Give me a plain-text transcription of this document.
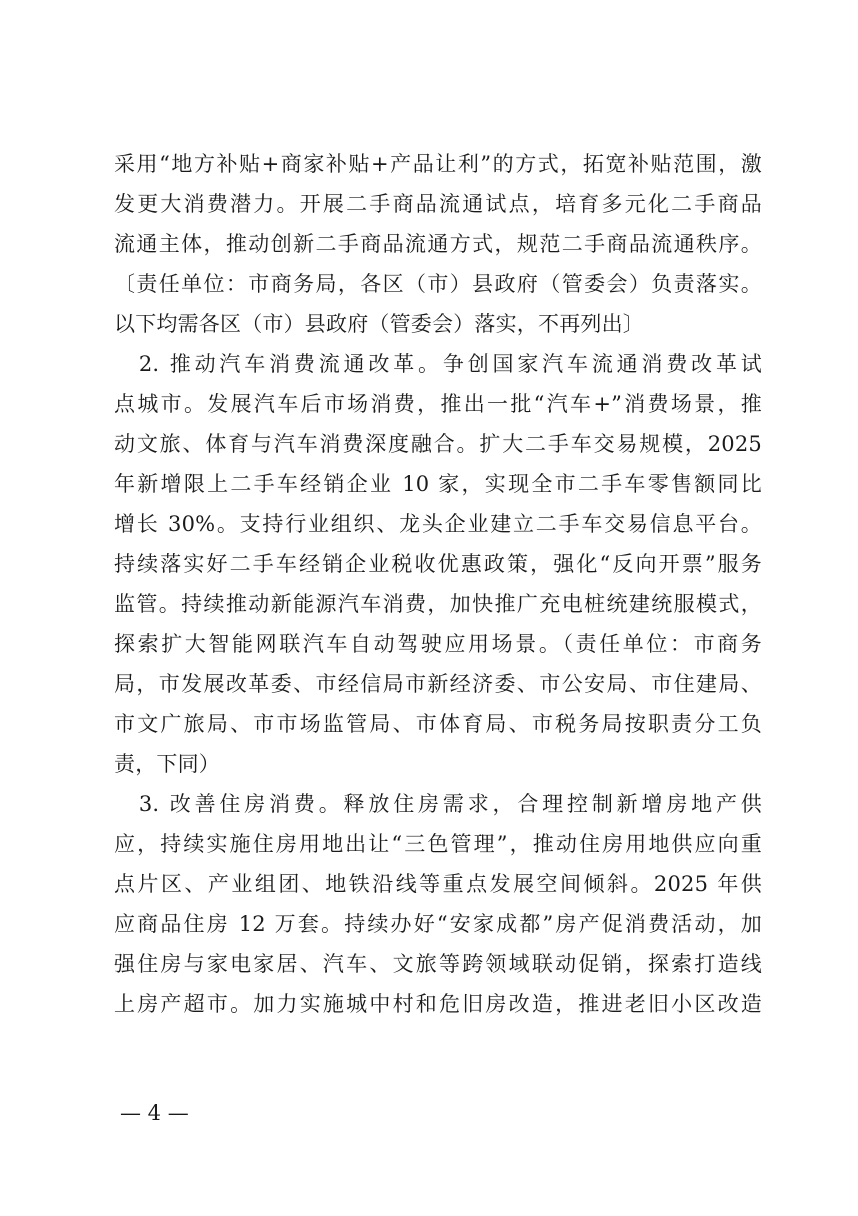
采用“地方补贴+商家补贴+产品让利”的方式，拓宽补贴范围，激
发更大消费潜力。开展二手商品流通试点，培育多元化二手商品
流通主体，推动创新二手商品流通方式，规范二手商品流通秩序。
〔责任单位：市商务局，各区（市）县政府（管委会）负责落实。
以下均需各区（市）县政府（管委会）落实，不再列出〕
　2. 推动汽车消费流通改革。争创国家汽车流通消费改革试
点城市。发展汽车后市场消费，推出一批“汽车+”消费场景，推
动文旅、体育与汽车消费深度融合。扩大二手车交易规模，2025
年新增限上二手车经销企业 10 家，实现全市二手车零售额同比
增长 30%。支持行业组织、龙头企业建立二手车交易信息平台。
持续落实好二手车经销企业税收优惠政策，强化“反向开票”服务
监管。持续推动新能源汽车消费，加快推广充电桩统建统服模式，
探索扩大智能网联汽车自动驾驶应用场景。（责任单位：市商务
局，市发展改革委、市经信局市新经济委、市公安局、市住建局、
市文广旅局、市市场监管局、市体育局、市税务局按职责分工负
责，下同）
　3. 改善住房消费。释放住房需求，合理控制新增房地产供
应，持续实施住房用地出让“三色管理”，推动住房用地供应向重
点片区、产业组团、地铁沿线等重点发展空间倾斜。2025 年供
应商品住房 12 万套。持续办好“安家成都”房产促消费活动，加
强住房与家电家居、汽车、文旅等跨领域联动促销，探索打造线
上房产超市。加力实施城中村和危旧房改造，推进老旧小区改造
— 4 —
